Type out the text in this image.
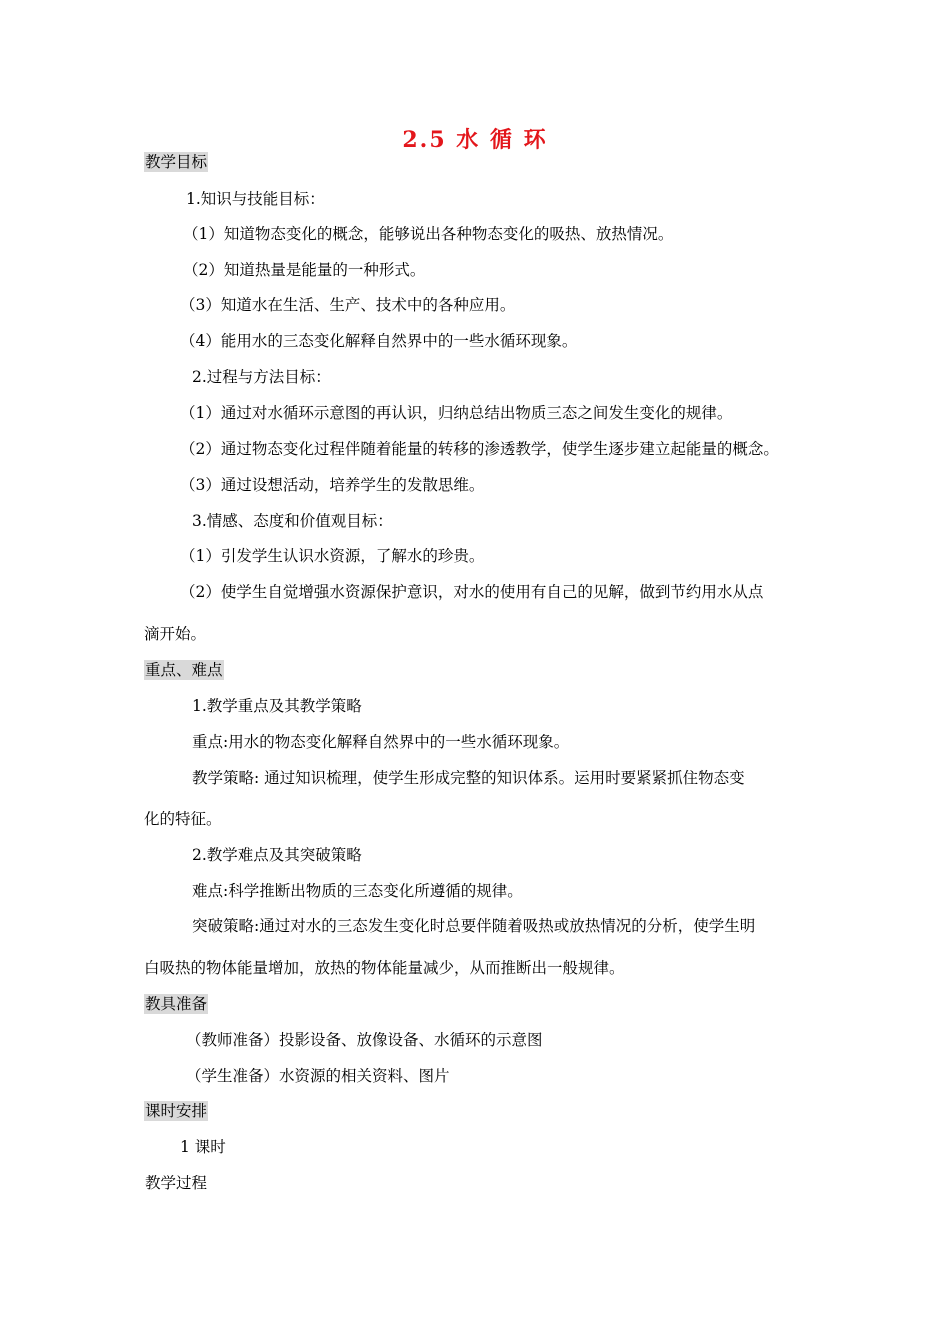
2.5 水 循 环
教学目标
1.知识与技能目标：
（1）知道物态变化的概念，能够说出各种物态变化的吸热、放热情况。
（2）知道热量是能量的一种形式。
（3）知道水在生活、生产、技术中的各种应用。
（4）能用水的三态变化解释自然界中的一些水循环现象。
2.过程与方法目标：
（1）通过对水循环示意图的再认识，归纳总结出物质三态之间发生变化的规律。
（2）通过物态变化过程伴随着能量的转移的渗透教学，使学生逐步建立起能量的概念。
（3）通过设想活动，培养学生的发散思维。
3.情感、态度和价值观目标：
（1）引发学生认识水资源，了解水的珍贵。
（2）使学生自觉增强水资源保护意识，对水的使用有自己的见解，做到节约用水从点
滴开始。
重点、难点
1.教学重点及其教学策略
重点:用水的物态变化解释自然界中的一些水循环现象。
教学策略: 通过知识梳理，使学生形成完整的知识体系。运用时要紧紧抓住物态变
化的特征。
2.教学难点及其突破策略
难点:科学推断出物质的三态变化所遵循的规律。
突破策略:通过对水的三态发生变化时总要伴随着吸热或放热情况的分析，使学生明
白吸热的物体能量增加，放热的物体能量减少，从而推断出一般规律。
教具准备
（教师准备）投影设备、放像设备、水循环的示意图
（学生准备）水资源的相关资料、图片
课时安排
1 课时
教学过程
